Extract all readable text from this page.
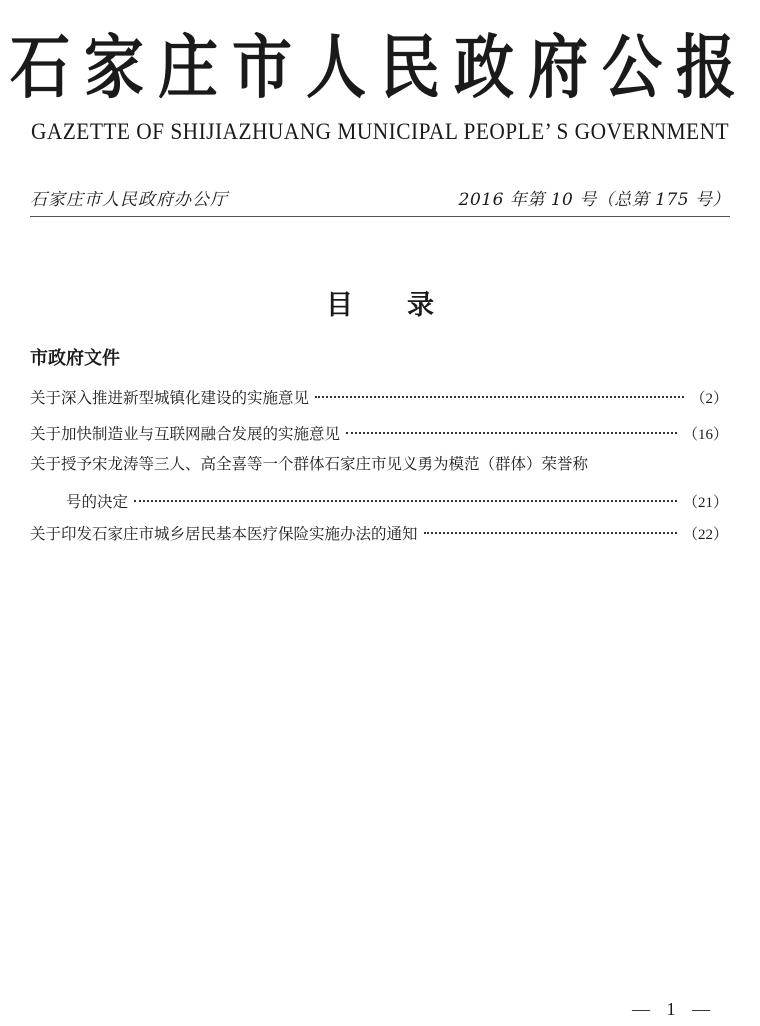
石家庄市人民政府公报
GAZETTE OF SHIJIAZHUANG MUNICIPAL PEOPLE’ S GOVERNMENT
石家庄市人民政府办公厅	2016 年第 10 号（总第 175 号）
目录
市政府文件
关于深入推进新型城镇化建设的实施意见	（2）
关于加快制造业与互联网融合发展的实施意见	（16）
关于授予宋龙涛等三人、高全喜等一个群体石家庄市见义勇为模范（群体）荣誉称
号的决定	（21）
关于印发石家庄市城乡居民基本医疗保险实施办法的通知	（22）
— 1 —
